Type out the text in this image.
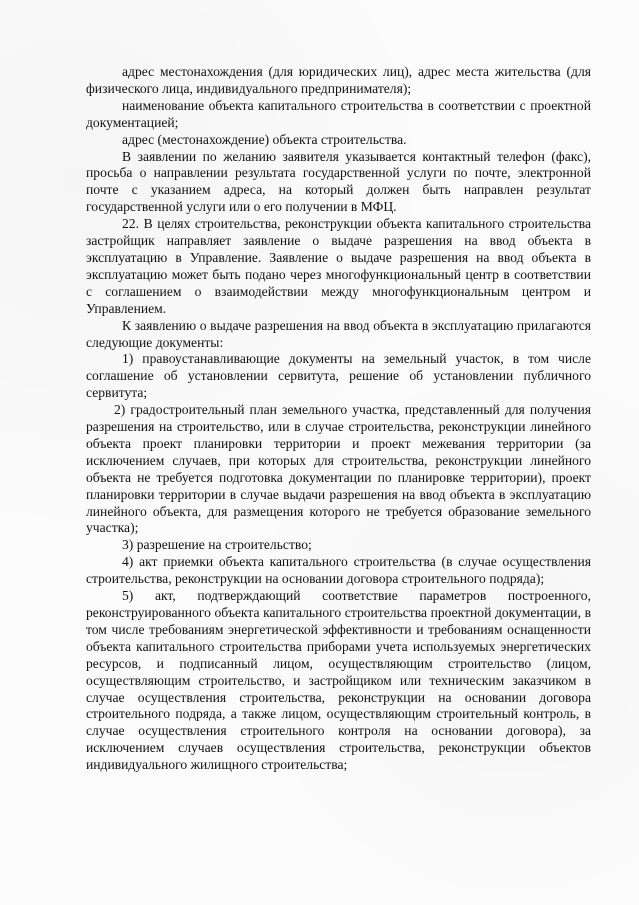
адрес местонахождения (для юридических лиц), адрес места жительства (для физического лица, индивидуального предпринимателя);

наименование объекта капитального строительства в соответствии с проектной документацией;

адрес (местонахождение) объекта строительства.

В заявлении по желанию заявителя указывается контактный телефон (факс), просьба о направлении результата государственной услуги по почте, электронной почте с указанием адреса, на который должен быть направлен результат государственной услуги или о его получении в МФЦ.

22. В целях строительства, реконструкции объекта капитального строительства застройщик направляет заявление о выдаче разрешения на ввод объекта в эксплуатацию в Управление. Заявление о выдаче разрешения на ввод объекта в эксплуатацию может быть подано через многофункциональный центр в соответствии с соглашением о взаимодействии между многофункциональным центром и Управлением.

К заявлению о выдаче разрешения на ввод объекта в эксплуатацию прилагаются следующие документы:

1) правоустанавливающие документы на земельный участок, в том числе соглашение об установлении сервитута, решение об установлении публичного сервитута;

2) градостроительный план земельного участка, представленный для получения разрешения на строительство, или в случае строительства, реконструкции линейного объекта проект планировки территории и проект межевания территории (за исключением случаев, при которых для строительства, реконструкции линейного объекта не требуется подготовка документации по планировке территории), проект планировки территории в случае выдачи разрешения на ввод объекта в эксплуатацию линейного объекта, для размещения которого не требуется образование земельного участка);

3) разрешение на строительство;

4) акт приемки объекта капитального строительства (в случае осуществления строительства, реконструкции на основании договора строительного подряда);

5) акт, подтверждающий соответствие параметров построенного, реконструированного объекта капитального строительства проектной документации, в том числе требованиям энергетической эффективности и требованиям оснащенности объекта капитального строительства приборами учета используемых энергетических ресурсов, и подписанный лицом, осуществляющим строительство (лицом, осуществляющим строительство, и застройщиком или техническим заказчиком в случае осуществления строительства, реконструкции на основании договора строительного подряда, а также лицом, осуществляющим строительный контроль, в случае осуществления строительного контроля на основании договора), за исключением случаев осуществления строительства, реконструкции объектов индивидуального жилищного строительства;
